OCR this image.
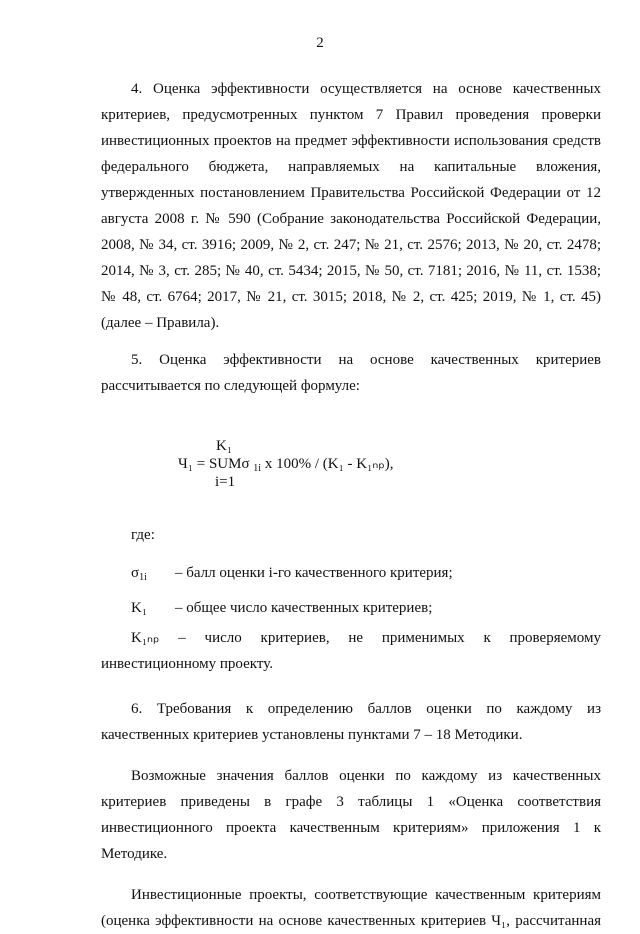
2

4. Оценка эффективности осуществляется на основе качественных критериев, предусмотренных пунктом 7 Правил проведения проверки инвестиционных проектов на предмет эффективности использования средств федерального бюджета, направляемых на капитальные вложения, утвержденных постановлением Правительства Российской Федерации от 12 августа 2008 г. № 590 (Собрание законодательства Российской Федерации, 2008, № 34, ст. 3916; 2009, № 2, ст. 247; № 21, ст. 2576; 2013, № 20, ст. 2478; 2014, № 3, ст. 285; № 40, ст. 5434; 2015, № 50, ст. 7181; 2016, № 11, ст. 1538; № 48, ст. 6764; 2017, № 21, ст. 3015; 2018, № 2, ст. 425; 2019, № 1, ст. 45) (далее – Правила).

5. Оценка эффективности на основе качественных критериев рассчитывается по следующей формуле:

K₁
Ч₁ = SUMσ $_{1i}$ x 100% / (K₁ - K₁ₙₚ),
i=1
где:
$\sigma_{1i}$	– балл оценки i-го качественного критерия;
K₁	– общее число качественных критериев;
K₁ₙₚ – число критериев, не применимых к проверяемому
инвестиционному проекту.

6. Требования к определению баллов оценки по каждому из качественных критериев установлены пунктами 7 – 18 Методики.

Возможные значения баллов оценки по каждому из качественных критериев приведены в графе 3 таблицы 1 «Оценка соответствия инвестиционного проекта качественным критериям» приложения 1 к Методике.

Инвестиционные проекты, соответствующие качественным критериям (оценка эффективности на основе качественных критериев Ч₁, рассчитанная
